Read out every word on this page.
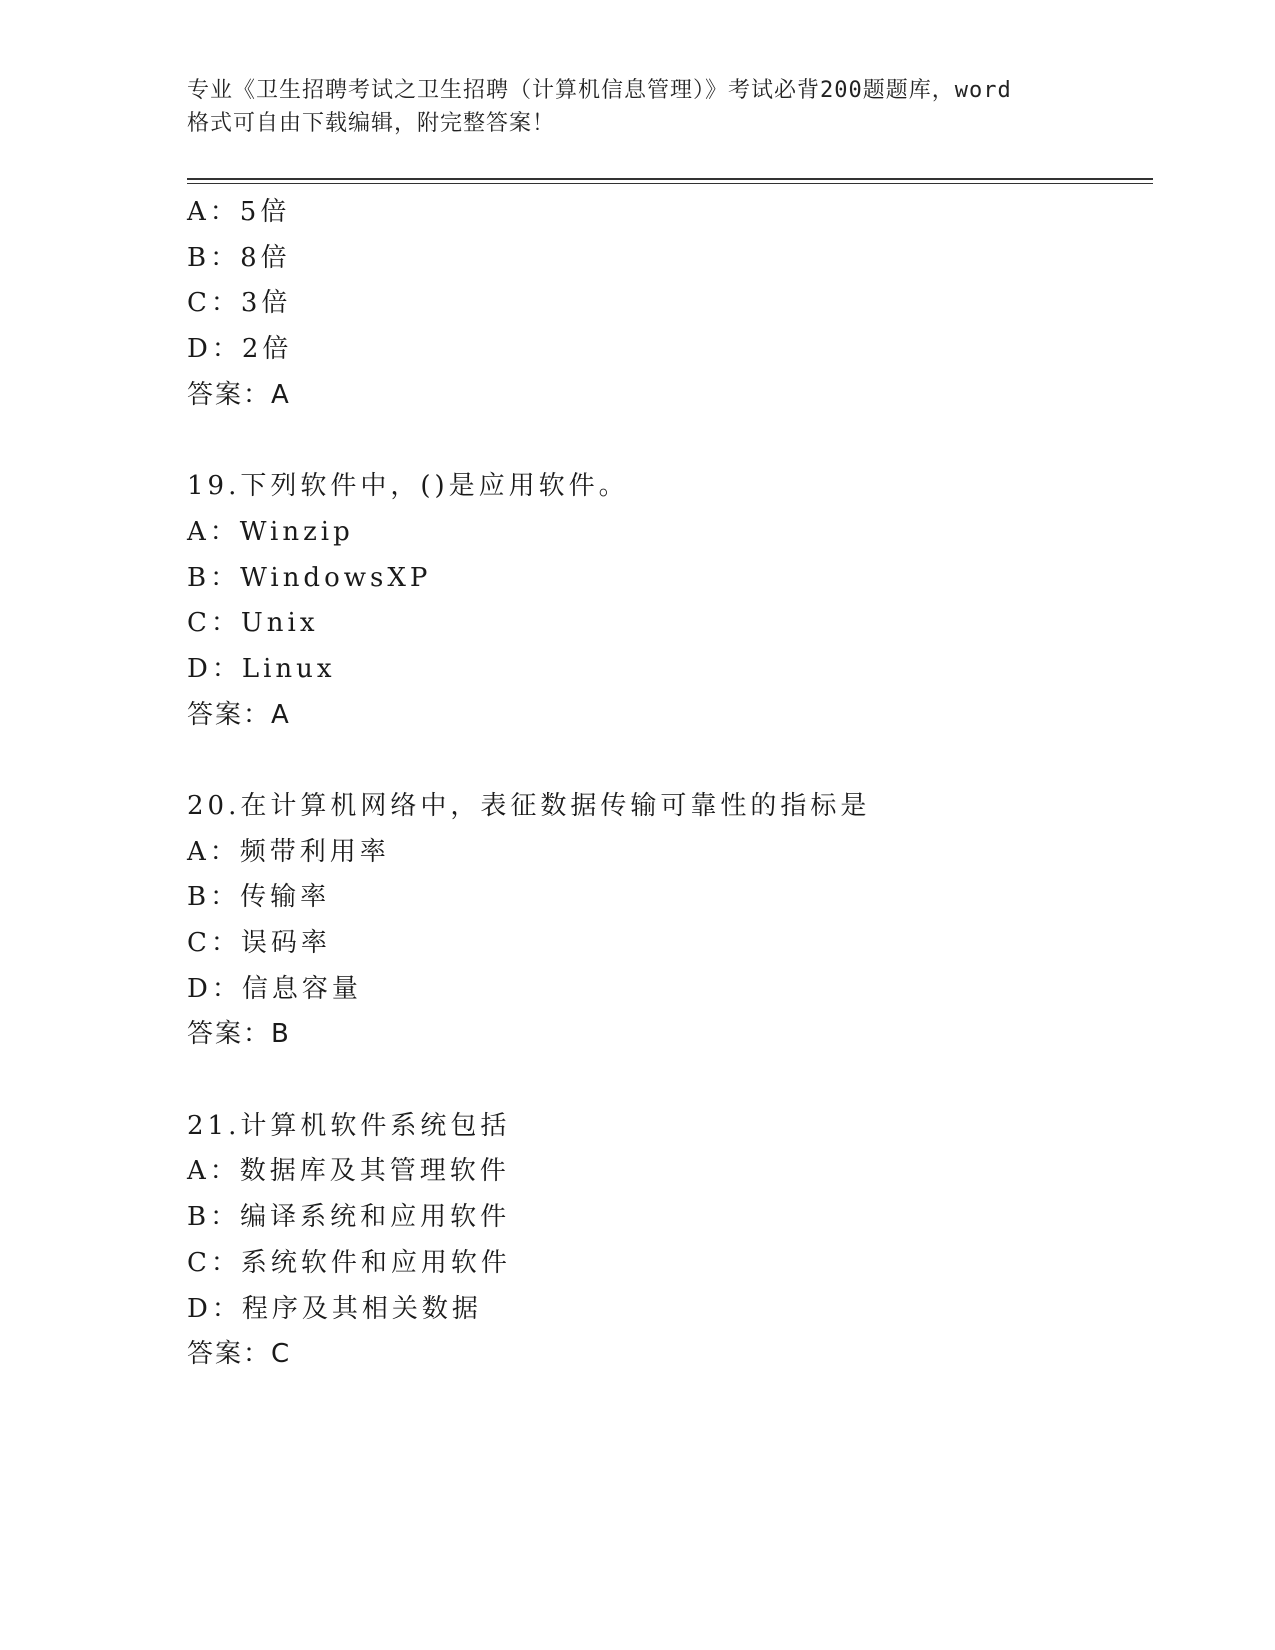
专业《卫生招聘考试之卫生招聘（计算机信息管理）》考试必背200题题库，word
格式可自由下载编辑，附完整答案！
A：5倍
B：8倍
C：3倍
D：2倍
答案：A
19.下列软件中，()是应用软件。
A：Winzip
B：WindowsXP
C：Unix
D：Linux
答案：A
20.在计算机网络中，表征数据传输可靠性的指标是
A：频带利用率
B：传输率
C：误码率
D：信息容量
答案：B
21.计算机软件系统包括
A：数据库及其管理软件
B：编译系统和应用软件
C：系统软件和应用软件
D：程序及其相关数据
答案：C
